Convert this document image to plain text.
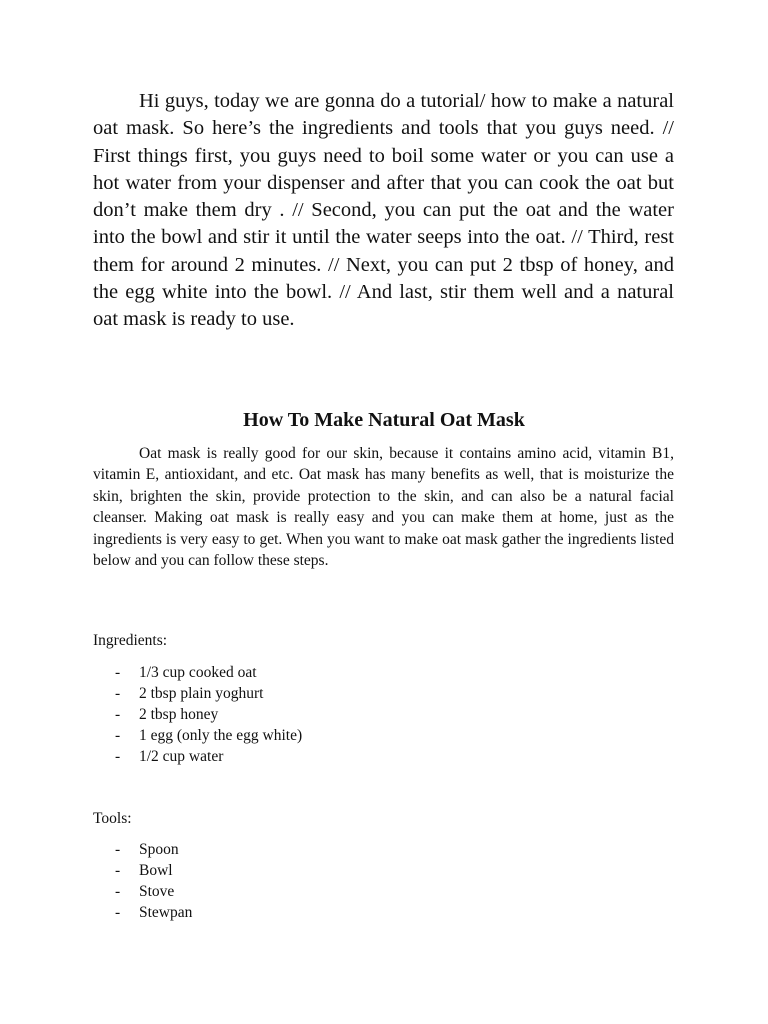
Hi guys, today we are gonna do a tutorial/ how to make a natural oat mask. So here’s the ingredients and tools that you guys need. // First things first, you guys need to boil some water or you can use a hot water from your dispenser and after that you can cook the oat but don’t make them dry . // Second, you can put the oat and the water into the bowl and stir it until the water seeps into the oat. // Third, rest them for around 2 minutes. // Next, you can put 2 tbsp of honey, and the egg white into the bowl. // And last, stir them well and a natural oat mask is ready to use.

How To Make Natural Oat Mask

Oat mask is really good for our skin, because it contains amino acid, vitamin B1, vitamin E, antioxidant, and etc. Oat mask has many benefits as well, that is moisturize the skin, brighten the skin, provide protection to the skin, and can also be a natural facial cleanser. Making oat mask is really easy and you can make them at home, just as the ingredients is very easy to get. When you want to make oat mask gather the ingredients listed below and you can follow these steps.

Ingredients:

- 1/3 cup cooked oat
- 2 tbsp plain yoghurt
- 2 tbsp honey
- 1 egg (only the egg white)
- 1/2 cup water

Tools:

- Spoon
- Bowl
- Stove
- Stewpan
